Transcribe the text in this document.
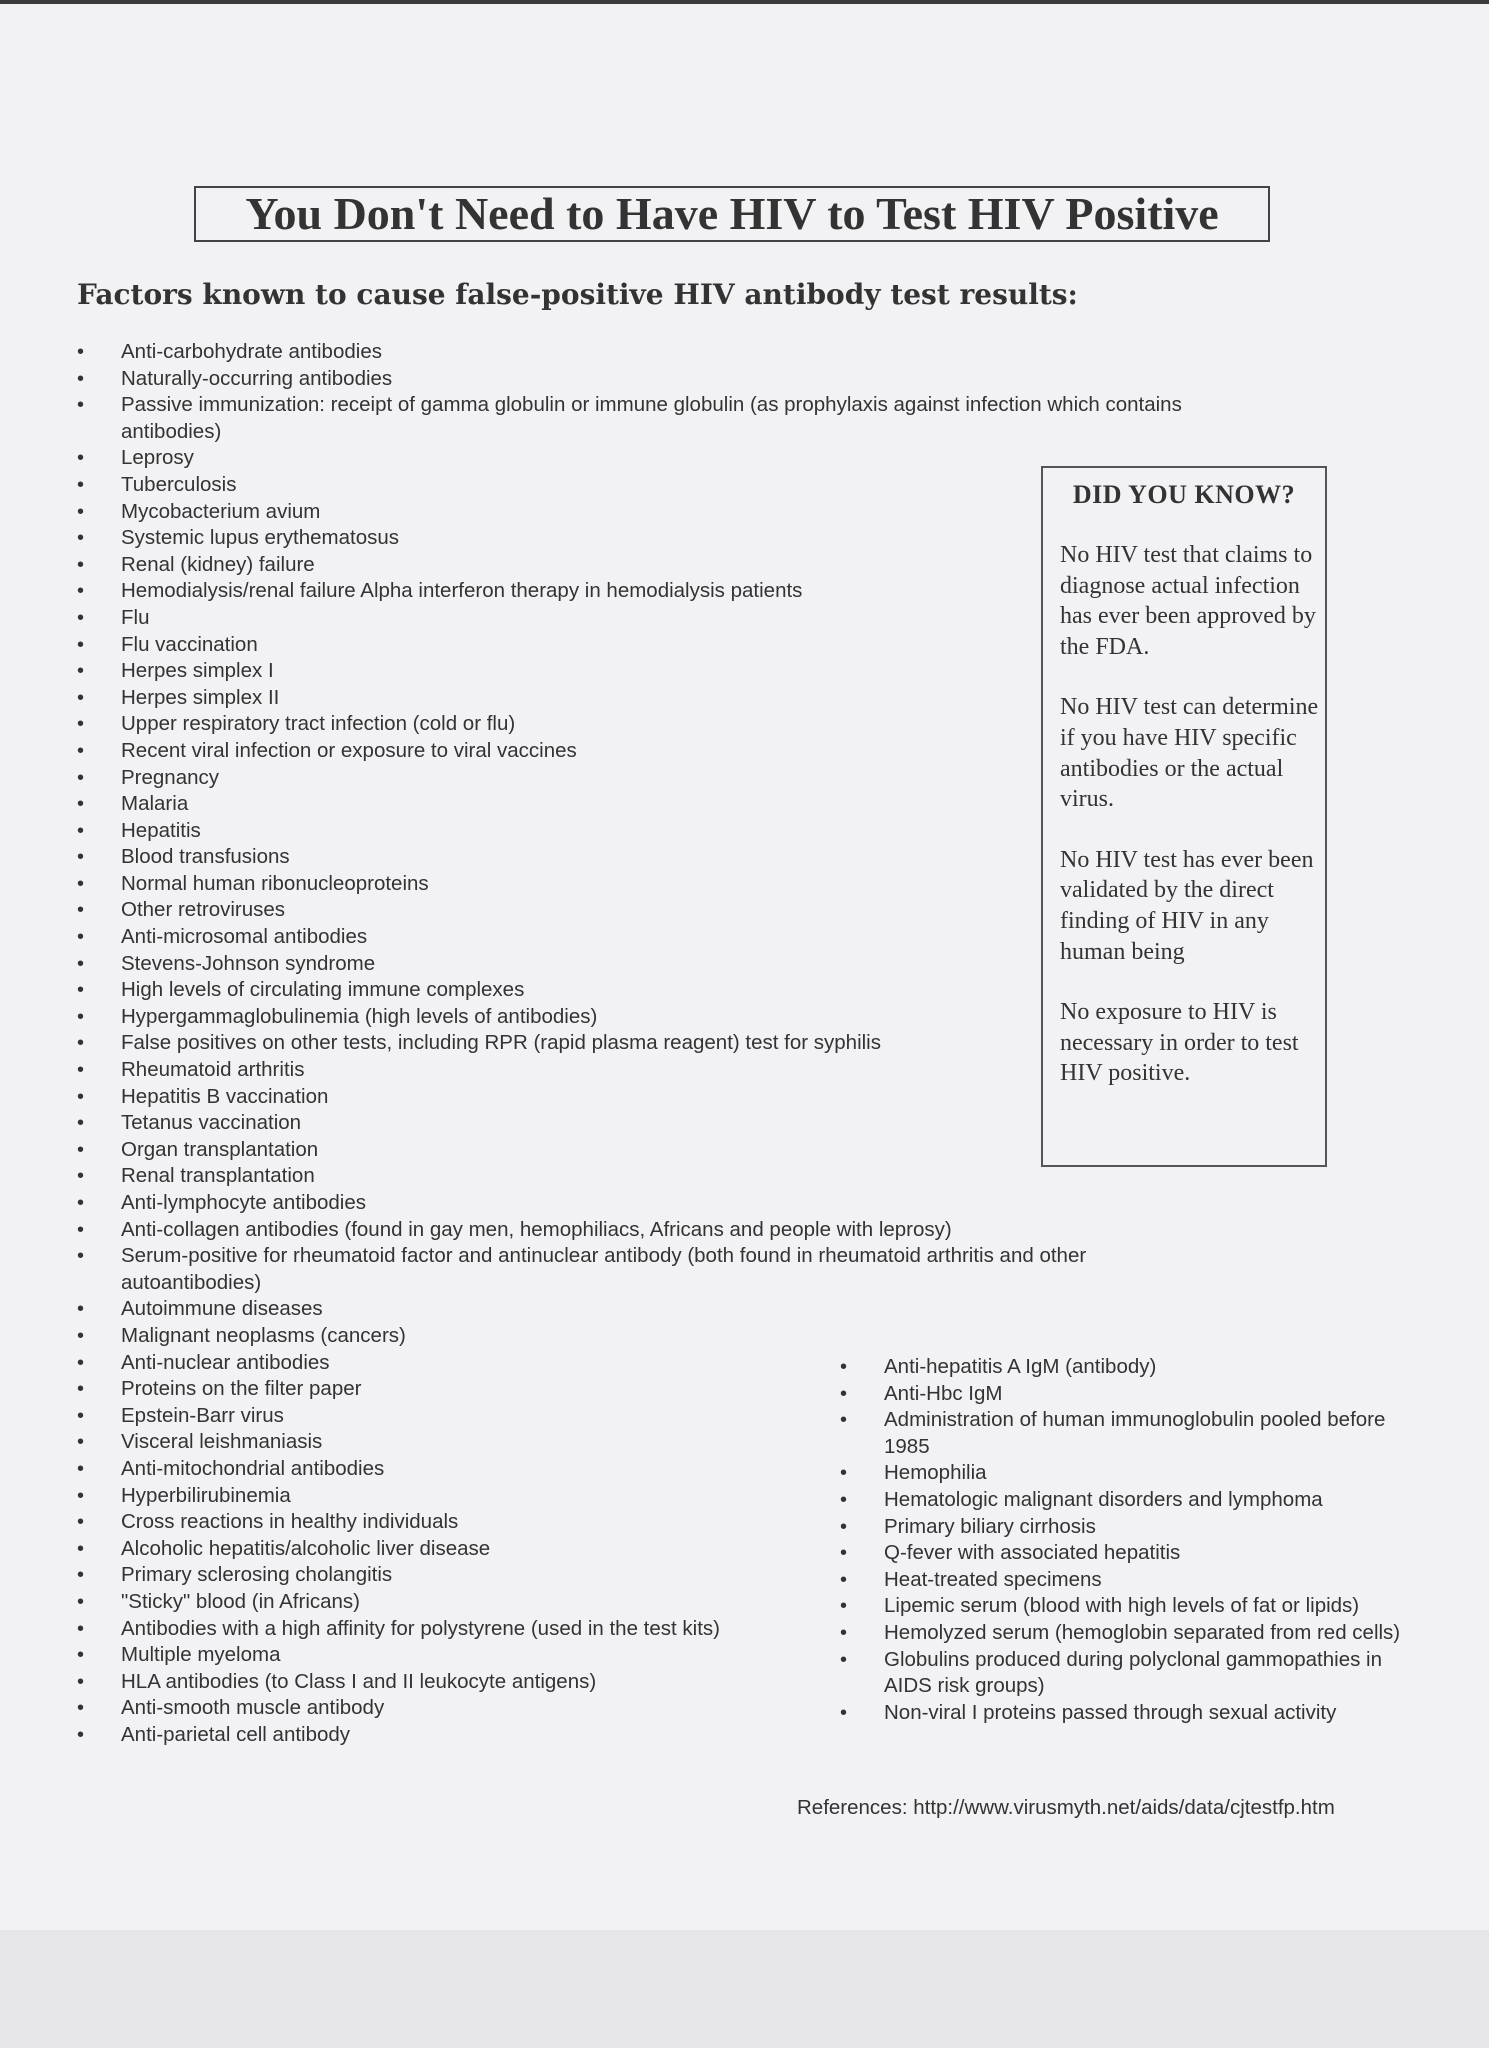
You Don't Need to Have HIV to Test HIV Positive
Factors known to cause false-positive HIV antibody test results:
• Anti-carbohydrate antibodies
• Naturally-occurring antibodies
• Passive immunization: receipt of gamma globulin or immune globulin (as prophylaxis against infection which contains antibodies)
• Leprosy
• Tuberculosis
• Mycobacterium avium
• Systemic lupus erythematosus
• Renal (kidney) failure
• Hemodialysis/renal failure Alpha interferon therapy in hemodialysis patients
• Flu
• Flu vaccination
• Herpes simplex I
• Herpes simplex II
• Upper respiratory tract infection (cold or flu)
• Recent viral infection or exposure to viral vaccines
• Pregnancy
• Malaria
• Hepatitis
• Blood transfusions
• Normal human ribonucleoproteins
• Other retroviruses
• Anti-microsomal antibodies
• Stevens-Johnson syndrome
• High levels of circulating immune complexes
• Hypergammaglobulinemia (high levels of antibodies)
• False positives on other tests, including RPR (rapid plasma reagent) test for syphilis
• Rheumatoid arthritis
• Hepatitis B vaccination
• Tetanus vaccination
• Organ transplantation
• Renal transplantation
• Anti-lymphocyte antibodies
• Anti-collagen antibodies (found in gay men, hemophiliacs, Africans and people with leprosy)
• Serum-positive for rheumatoid factor and antinuclear antibody (both found in rheumatoid arthritis and other autoantibodies)
• Autoimmune diseases
• Malignant neoplasms (cancers)
• Anti-nuclear antibodies
• Proteins on the filter paper
• Epstein-Barr virus
• Visceral leishmaniasis
• Anti-mitochondrial antibodies
• Hyperbilirubinemia
• Cross reactions in healthy individuals
• Alcoholic hepatitis/alcoholic liver disease
• Primary sclerosing cholangitis
• "Sticky" blood (in Africans)
• Antibodies with a high affinity for polystyrene (used in the test kits)
• Multiple myeloma
• HLA antibodies (to Class I and II leukocyte antigens)
• Anti-smooth muscle antibody
• Anti-parietal cell antibody
DID YOU KNOW?
No HIV test that claims to diagnose actual infection has ever been approved by the FDA.
No HIV test can determine if you have HIV specific antibodies or the actual virus.
No HIV test has ever been validated by the direct finding of HIV in any human being
No exposure to HIV is necessary in order to test HIV positive.
• Anti-hepatitis A IgM (antibody)
• Anti-Hbc IgM
• Administration of human immunoglobulin pooled before 1985
• Hemophilia
• Hematologic malignant disorders and lymphoma
• Primary biliary cirrhosis
• Q-fever with associated hepatitis
• Heat-treated specimens
• Lipemic serum (blood with high levels of fat or lipids)
• Hemolyzed serum (hemoglobin separated from red cells)
• Globulins produced during polyclonal gammopathies in AIDS risk groups)
• Non-viral I proteins passed through sexual activity
References: http://www.virusmyth.net/aids/data/cjtestfp.htm
